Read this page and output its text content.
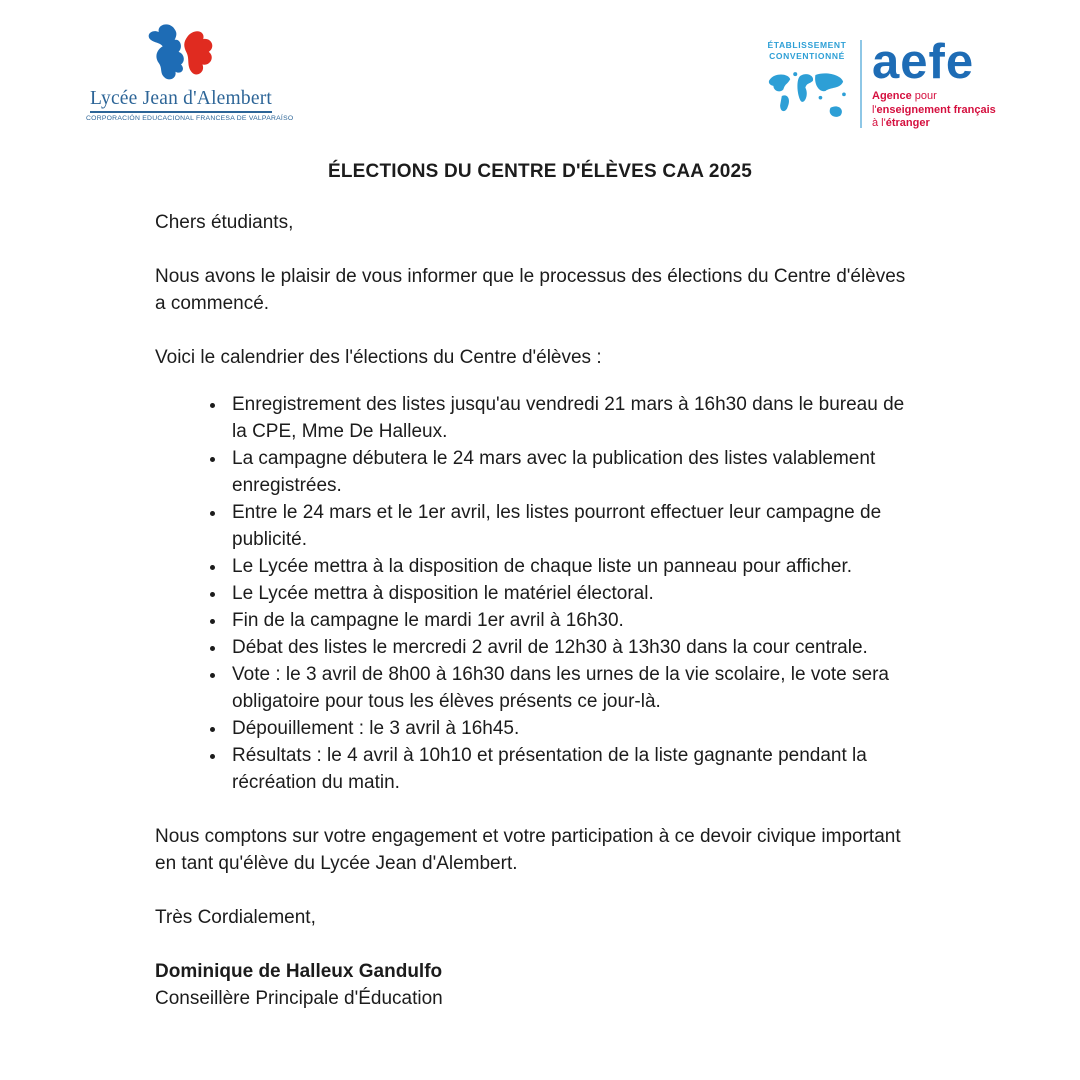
Lycée Jean d'Alembert
CORPORACIÓN EDUCACIONAL FRANCESA DE VALPARAÍSO
ÉTABLISSEMENT
CONVENTIONNÉ aefe
Agence pour
l'enseignement français
à l'étranger
ÉLECTIONS DU CENTRE D'ÉLÈVES CAA 2025

Chers étudiants,

Nous avons le plaisir de vous informer que le processus des élections du Centre d'élèves a commencé.

Voici le calendrier des l'élections du Centre d'élèves :

• Enregistrement des listes jusqu'au vendredi 21 mars à 16h30 dans le bureau de la CPE, Mme De Halleux.
• La campagne débutera le 24 mars avec la publication des listes valablement enregistrées.
• Entre le 24 mars et le 1er avril, les listes pourront effectuer leur campagne de publicité.
• Le Lycée mettra à la disposition de chaque liste un panneau pour afficher.
• Le Lycée mettra à disposition le matériel électoral.
• Fin de la campagne le mardi 1er avril à 16h30.
• Débat des listes le mercredi 2 avril de 12h30 à 13h30 dans la cour centrale.
• Vote : le 3 avril de 8h00 à 16h30 dans les urnes de la vie scolaire, le vote sera obligatoire pour tous les élèves présents ce jour-là.
• Dépouillement : le 3 avril à 16h45.
• Résultats : le 4 avril à 10h10 et présentation de la liste gagnante pendant la récréation du matin.

Nous comptons sur votre engagement et votre participation à ce devoir civique important en tant qu'élève du Lycée Jean d'Alembert.

Très Cordialement,

Dominique de Halleux Gandulfo

Conseillère Principale d'Éducation
